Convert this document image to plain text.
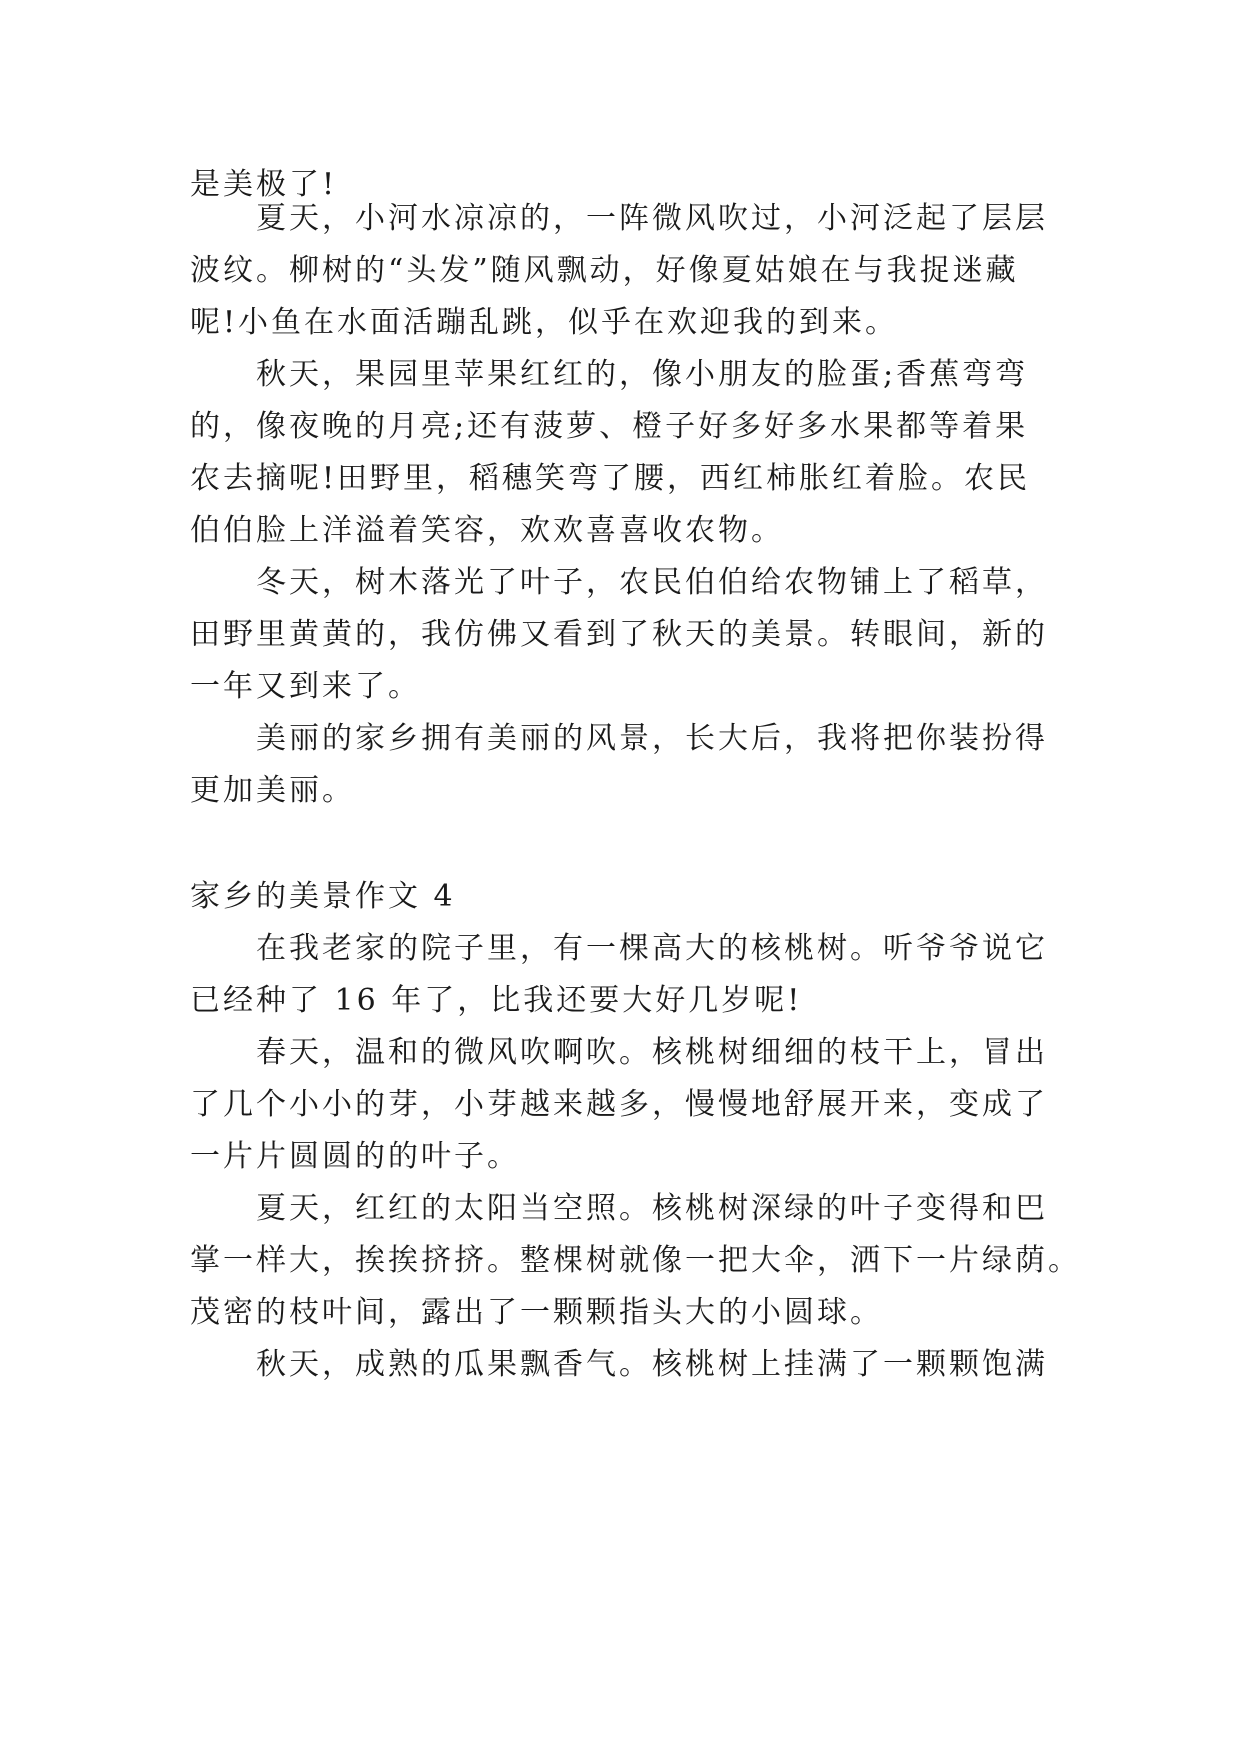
是美极了!
夏天，小河水凉凉的，一阵微风吹过，小河泛起了层层
波纹。柳树的“头发”随风飘动，好像夏姑娘在与我捉迷藏
呢!小鱼在水面活蹦乱跳，似乎在欢迎我的到来。
秋天，果园里苹果红红的，像小朋友的脸蛋;香蕉弯弯
的，像夜晚的月亮;还有菠萝、橙子好多好多水果都等着果
农去摘呢!田野里，稻穗笑弯了腰，西红柿胀红着脸。农民
伯伯脸上洋溢着笑容，欢欢喜喜收农物。
冬天，树木落光了叶子，农民伯伯给农物铺上了稻草，
田野里黄黄的，我仿佛又看到了秋天的美景。转眼间，新的
一年又到来了。
美丽的家乡拥有美丽的风景，长大后，我将把你装扮得
更加美丽。
家乡的美景作文 4
在我老家的院子里，有一棵高大的核桃树。听爷爷说它
已经种了 16 年了，比我还要大好几岁呢!
春天，温和的微风吹啊吹。核桃树细细的枝干上，冒出
了几个小小的芽，小芽越来越多，慢慢地舒展开来，变成了
一片片圆圆的的叶子。
夏天，红红的太阳当空照。核桃树深绿的叶子变得和巴
掌一样大，挨挨挤挤。整棵树就像一把大伞，洒下一片绿荫。
茂密的枝叶间，露出了一颗颗指头大的小圆球。
秋天，成熟的瓜果飘香气。核桃树上挂满了一颗颗饱满
